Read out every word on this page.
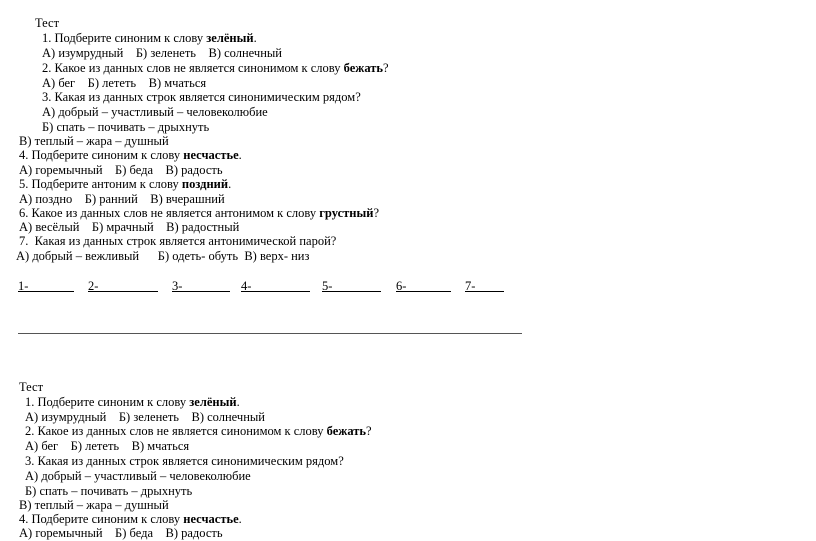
Тест
1. Подберите синоним к слову зелёный.
А) изумрудный    Б) зеленеть    В) солнечный
2. Какое из данных слов не является синонимом к слову бежать?
А) бег    Б) лететь    В) мчаться
3. Какая из данных строк является синонимическим рядом?
А) добрый – участливый – человеколюбие
Б) спать – почивать – дрыхнуть
В) теплый – жара – душный
4. Подберите синоним к слову несчастье.
А) горемычный    Б) беда    В) радость
5. Подберите антоним к слову поздний.
А) поздно    Б) ранний    В) вчерашний
6. Какое из данных слов не является антонимом к слову грустный?
А) весёлый    Б) мрачный    В) радостный
7.  Какая из данных строк является антонимической парой?
А) добрый – вежливый      Б) одеть- обуть  В) верх- низ
1-	2-	3-	4-	5-	6-	7-
Тест
1. Подберите синоним к слову зелёный.
А) изумрудный    Б) зеленеть    В) солнечный
2. Какое из данных слов не является синонимом к слову бежать?
А) бег    Б) лететь    В) мчаться
3. Какая из данных строк является синонимическим рядом?
А) добрый – участливый – человеколюбие
Б) спать – почивать – дрыхнуть
В) теплый – жара – душный
4. Подберите синоним к слову несчастье.
А) горемычный    Б) беда    В) радость
